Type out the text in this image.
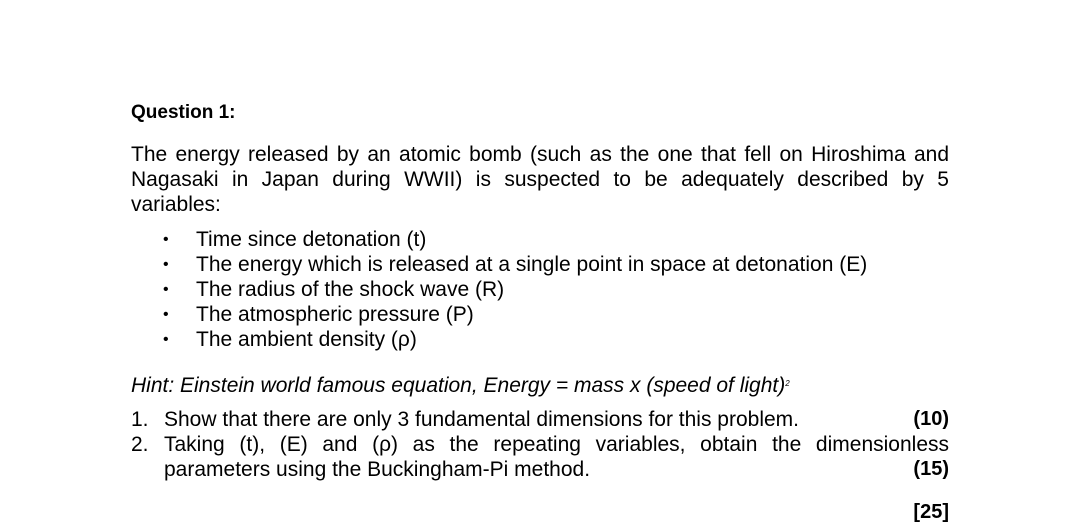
Question 1:

The energy released by an atomic bomb (such as the one that fell on Hiroshima and Nagasaki in Japan during WWII) is suspected to be adequately described by 5 variables:

• Time since detonation (t)
• The energy which is released at a single point in space at detonation (E)
• The radius of the shock wave (R)
• The atmospheric pressure (P)
• The ambient density (ρ)
Hint: Einstein world famous equation, Energy = mass x (speed of light)$^2$
1. Show that there are only 3 fundamental dimensions for this problem.	(10)
2. Taking (t), (E) and (ρ) as the repeating variables, obtain the dimensionless parameters using the Buckingham-Pi method.	(15)
[25]
